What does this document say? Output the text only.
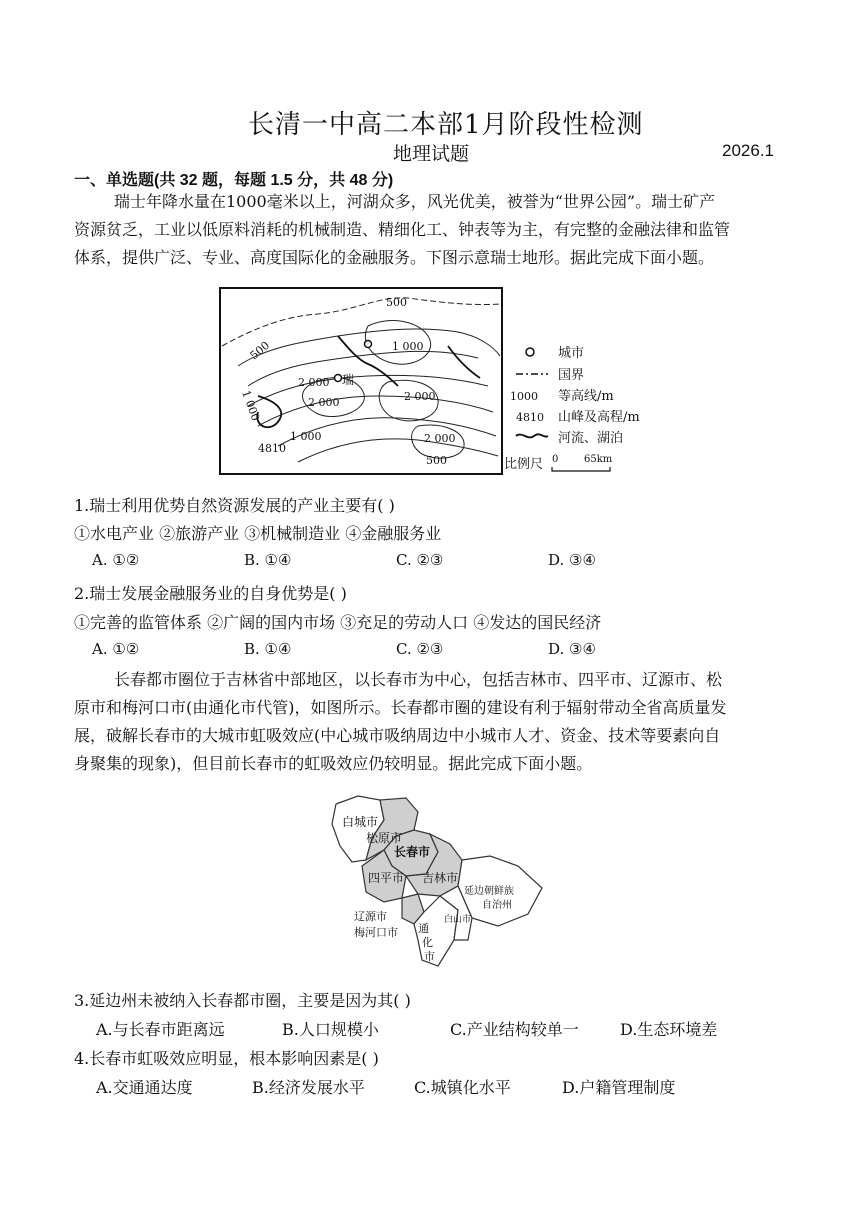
长清一中高二本部1月阶段性检测
地理试题	2026.1
一、单选题(共 32 题，每题 1.5 分，共 48 分)
瑞士年降水量在1000毫米以上，河湖众多，风光优美，被誉为“世界公园”。瑞士矿产
资源贫乏，工业以低原料消耗的机械制造、精细化工、钟表等为主，有完整的金融法律和监管
体系，提供广泛、专业、高度国际化的金融服务。下图示意瑞士地形。据此完成下面小题。
500
500	1 000
1 000
2 000
2 000	2 000
1 000	2 000
500
4810
瑞
城市
国界
1000 等高线/m
4810 山峰及高程/m
河流、湖泊
比例尺 0	65km
1.瑞士利用优势自然资源发展的产业主要有( )
①水电产业 ②旅游产业 ③机械制造业 ④金融服务业
A. ①②	B. ①④	C. ②③	D. ③④
2.瑞士发展金融服务业的自身优势是( )
①完善的监管体系 ②广阔的国内市场 ③充足的劳动人口 ④发达的国民经济
A. ①②	B. ①④	C. ②③	D. ③④
长春都市圈位于吉林省中部地区，以长春市为中心，包括吉林市、四平市、辽源市、松
原市和梅河口市(由通化市代管)，如图所示。长春都市圈的建设有利于辐射带动全省高质量发
展，破解长春市的大城市虹吸效应(中心城市吸纳周边中小城市人才、资金、技术等要素向自
身聚集的现象)，但目前长春市的虹吸效应仍较明显。据此完成下面小题。
白城市
松原市
长春市
四平市 吉林市
延边朝鲜族
自治州
辽源市
梅河口市 通
化
市
白山市
3.延边州未被纳入长春都市圈，主要是因为其( )
A.与长春市距离远	B.人口规模小	C.产业结构较单一	D.生态环境差
4.长春市虹吸效应明显，根本影响因素是( )
A.交通通达度	B.经济发展水平	C.城镇化水平	D.户籍管理制度
